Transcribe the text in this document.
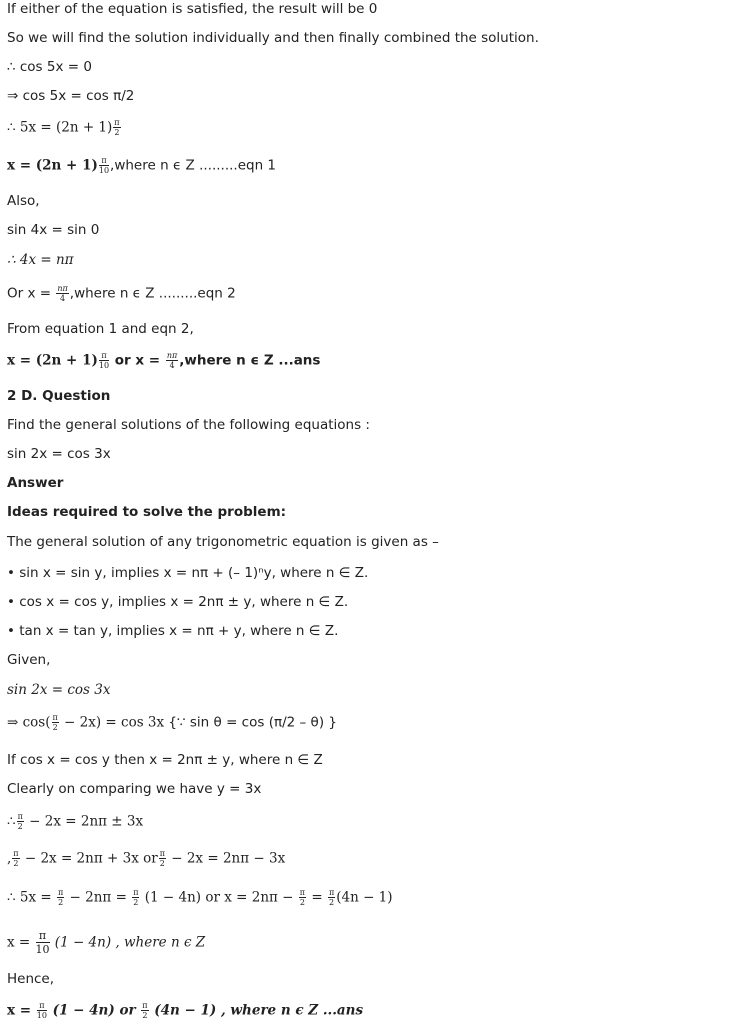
If either of the equation is satisfied, the result will be 0
So we will find the solution individually and then finally combined the solution.
∴ cos 5x = 0
⇒ cos 5x = cos π/2
∴ $5x = (2n + 1) \frac{\pi}{2}$
$x = (2n + 1) \frac{\pi}{10}$ ,where n ϵ Z .........eqn 1
Also,
sin 4x = sin 0
∴ 4x = nπ
Or $x = \frac{n\pi}{4}$ ,where n ϵ Z .........eqn 2
From equation 1 and eqn 2,
$x = (2n + 1) \frac{\pi}{10}$ or $x = \frac{n\pi}{4}$ ,where n ϵ Z ...ans
2 D. Question
Find the general solutions of the following equations :
sin 2x = cos 3x
Answer
Ideas required to solve the problem:
The general solution of any trigonometric equation is given as –
• sin x = sin y, implies x = nπ + (– 1)ⁿy, where n ∈ Z.
• cos x = cos y, implies x = 2nπ ± y, where n ∈ Z.
• tan x = tan y, implies x = nπ + y, where n ∈ Z.
Given,
sin 2x = cos 3x
⇒ $\cos( \frac{\pi}{2} - 2x) = \cos 3x$ {∵ sin θ = cos (π/2 – θ) }
If cos x = cos y then x = 2nπ ± y, where n ∈ Z
Clearly on comparing we have y = 3x
∴ $\frac{\pi}{2} - 2x = 2n\pi \pm 3x$
, $\frac{\pi}{2} - 2x = 2n\pi + 3x$ or $\frac{\pi}{2} - 2x = 2n\pi - 3x$
∴ $5x = \frac{\pi}{2} - 2n\pi = \frac{\pi}{2} (1 - 4n)$ or $x = 2n\pi - \frac{\pi}{2} = \frac{\pi}{2} (4n - 1)$
$x = \frac{\pi}{10} (1 - 4n)$ , where n ϵ Z
Hence,
$x = \frac{\pi}{10} (1 - 4n)$ or $\frac{\pi}{2} (4n - 1)$ , where n ϵ Z ...ans
